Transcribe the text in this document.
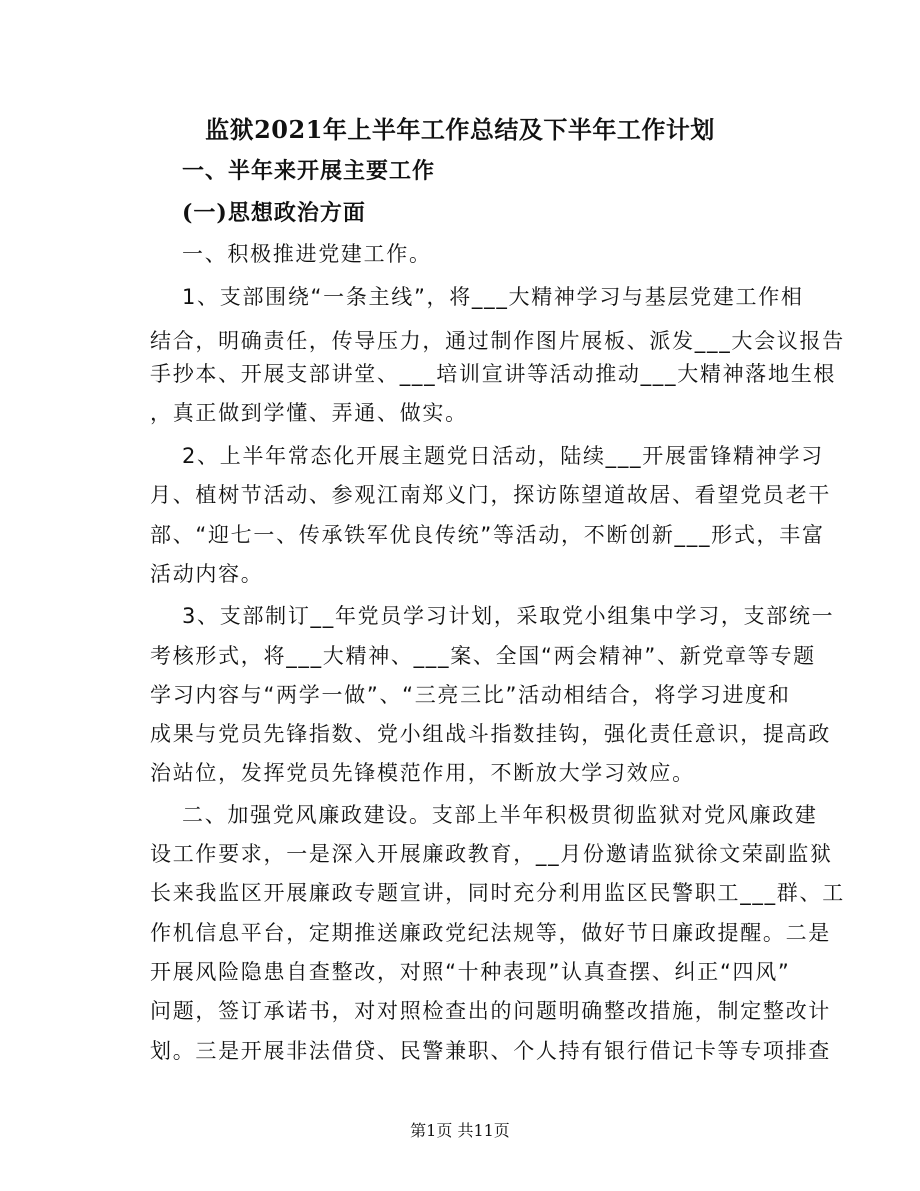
监狱2021年上半年工作总结及下半年工作计划
一、半年来开展主要工作
(一)思想政治方面
一、积极推进党建工作。
1、支部围绕“一条主线”，将___大精神学习与基层党建工作相
结合，明确责任，传导压力，通过制作图片展板、派发___大会议报告
手抄本、开展支部讲堂、___培训宣讲等活动推动___大精神落地生根
，真正做到学懂、弄通、做实。
2、上半年常态化开展主题党日活动，陆续___开展雷锋精神学习
月、植树节活动、参观江南郑义门，探访陈望道故居、看望党员老干
部、“迎七一、传承铁军优良传统”等活动，不断创新___形式，丰富
活动内容。
3、支部制订__年党员学习计划，采取党小组集中学习，支部统一
考核形式，将___大精神、___案、全国“两会精神”、新党章等专题
学习内容与“两学一做”、“三亮三比”活动相结合，将学习进度和
成果与党员先锋指数、党小组战斗指数挂钩，强化责任意识，提高政
治站位，发挥党员先锋模范作用，不断放大学习效应。
二、加强党风廉政建设。支部上半年积极贯彻监狱对党风廉政建
设工作要求，一是深入开展廉政教育，__月份邀请监狱徐文荣副监狱
长来我监区开展廉政专题宣讲，同时充分利用监区民警职工___群、工
作机信息平台，定期推送廉政党纪法规等，做好节日廉政提醒。二是
开展风险隐患自查整改，对照“十种表现”认真查摆、纠正“四风”
问题，签订承诺书，对对照检查出的问题明确整改措施，制定整改计
划。三是开展非法借贷、民警兼职、个人持有银行借记卡等专项排查
第1页 共11页
